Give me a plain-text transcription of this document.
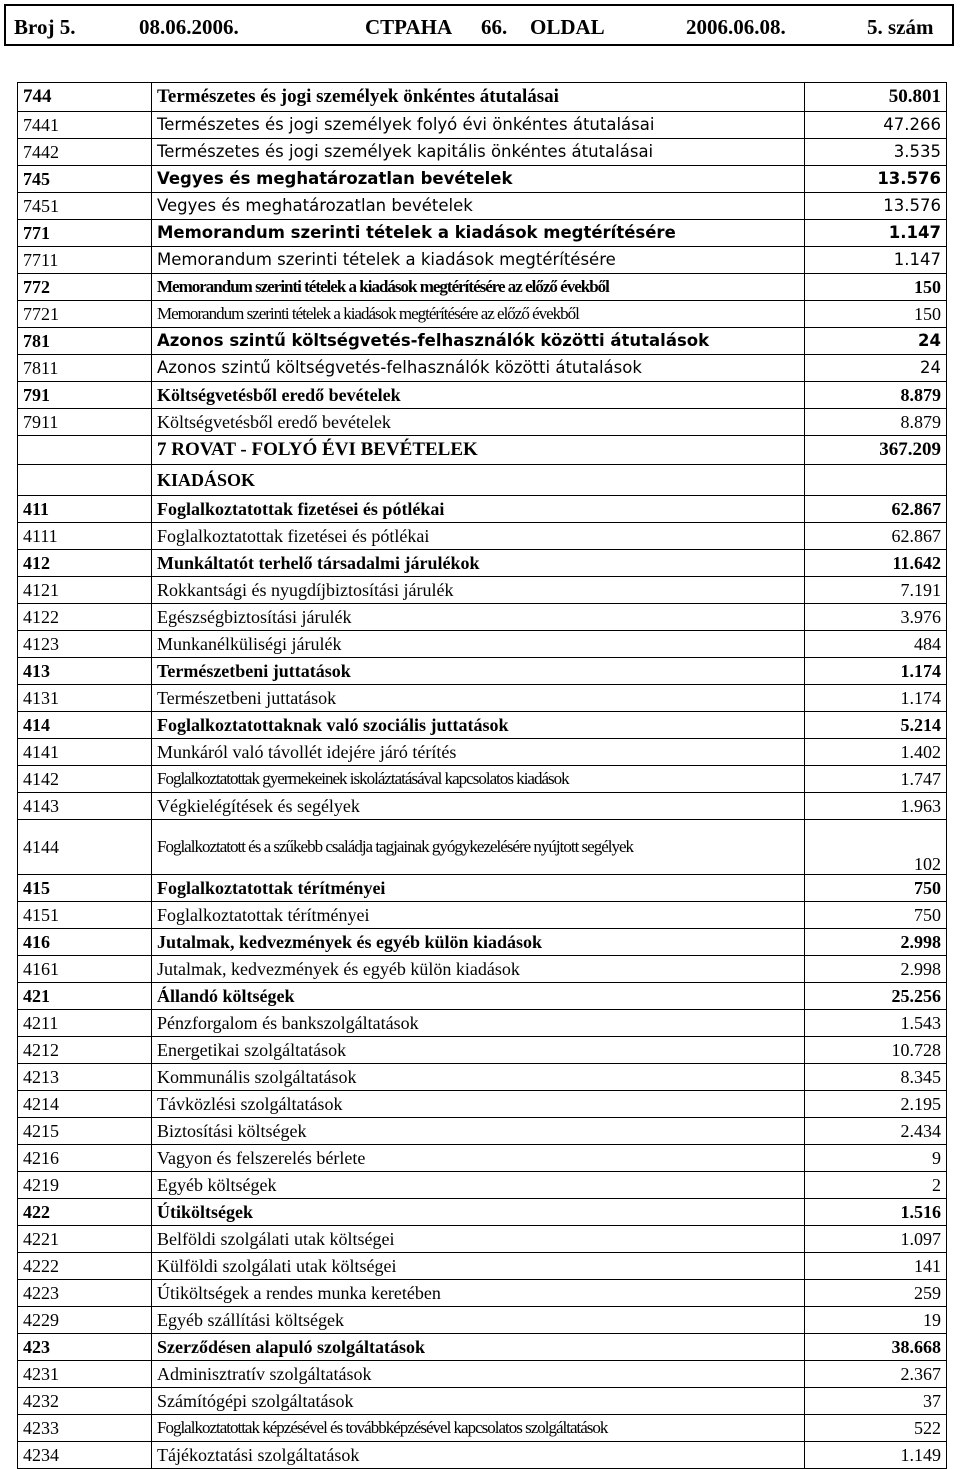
Broj 5.	08.06.2006.	CTPAHA 66. OLDAL	2006.06.08.	5. szám
744	Természetes és jogi személyek önkéntes átutalásai	50.801
7441	Természetes és jogi személyek folyó évi önkéntes átutalásai	47.266
7442	Természetes és jogi személyek kapitális önkéntes átutalásai	3.535
745	Vegyes és meghatározatlan bevételek	13.576
7451	Vegyes és meghatározatlan bevételek	13.576
771	Memorandum szerinti tételek a kiadások megtérítésére	1.147
7711	Memorandum szerinti tételek a kiadások megtérítésére	1.147
772	Memorandum szerinti tételek a kiadások megtérítésére az előző évekből	150
7721	Memorandum szerinti tételek a kiadások megtérítésére az előző évekből	150
781	Azonos szintű költségvetés-felhasználók közötti átutalások	24
7811	Azonos szintű költségvetés-felhasználók közötti átutalások	24
791	Költségvetésből eredő bevételek	8.879
7911	Költségvetésből eredő bevételek	8.879
	7 ROVAT - FOLYÓ ÉVI BEVÉTELEK	367.209
	KIADÁSOK	
411	Foglalkoztatottak fizetései és pótlékai	62.867
4111	Foglalkoztatottak fizetései és pótlékai	62.867
412	Munkáltatót terhelő társadalmi járulékok	11.642
4121	Rokkantsági és nyugdíjbiztosítási járulék	7.191
4122	Egészségbiztosítási járulék	3.976
4123	Munkanélküliségi járulék	484
413	Természetbeni juttatások	1.174
4131	Természetbeni juttatások	1.174
414	Foglalkoztatottaknak való szociális juttatások	5.214
4141	Munkáról való távollét idejére járó térítés	1.402
4142	Foglalkoztatottak gyermekeinek iskoláztatásával kapcsolatos kiadások	1.747
4143	Végkielégítések és segélyek	1.963
4144	Foglalkoztatott és a szűkebb családja tagjainak gyógykezelésére nyújtott segélyek	102
415	Foglalkoztatottak térítményei	750
4151	Foglalkoztatottak térítményei	750
416	Jutalmak, kedvezmények és egyéb külön kiadások	2.998
4161	Jutalmak, kedvezmények és egyéb külön kiadások	2.998
421	Állandó költségek	25.256
4211	Pénzforgalom és bankszolgáltatások	1.543
4212	Energetikai szolgáltatások	10.728
4213	Kommunális szolgáltatások	8.345
4214	Távközlési szolgáltatások	2.195
4215	Biztosítási költségek	2.434
4216	Vagyon és felszerelés bérlete	9
4219	Egyéb költségek	2
422	Útiköltségek	1.516
4221	Belföldi szolgálati utak költségei	1.097
4222	Külföldi szolgálati utak költségei	141
4223	Útiköltségek a rendes munka keretében	259
4229	Egyéb szállítási költségek	19
423	Szerződésen alapuló szolgáltatások	38.668
4231	Adminisztratív szolgáltatások	2.367
4232	Számítógépi szolgáltatások	37
4233	Foglalkoztatottak képzésével és továbbképzésével kapcsolatos szolgáltatások	522
4234	Tájékoztatási szolgáltatások	1.149
